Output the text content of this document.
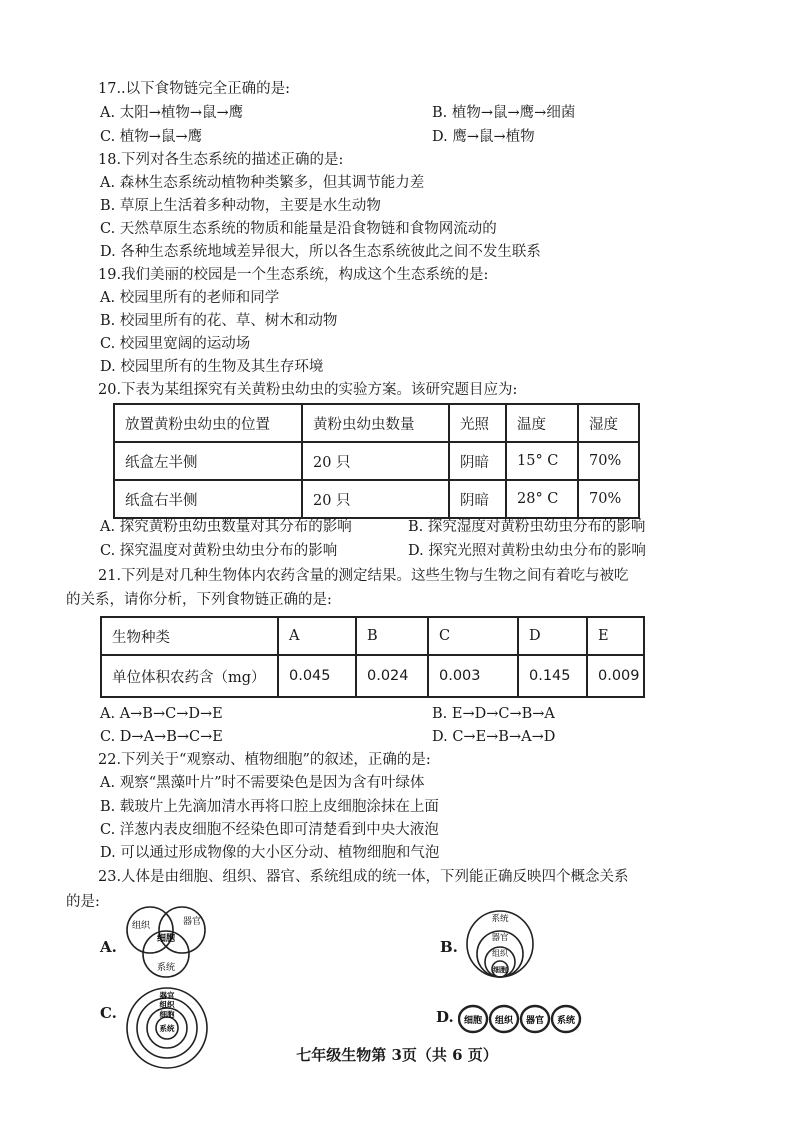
17..以下食物链完全正确的是:
A. 太阳→植物→鼠→鹰	B. 植物→鼠→鹰→细菌
C. 植物→鼠→鹰	D. 鹰→鼠→植物
18.下列对各生态系统的描述正确的是:
A. 森林生态系统动植物种类繁多，但其调节能力差
B. 草原上生活着多种动物，主要是水生动物
C. 天然草原生态系统的物质和能量是沿食物链和食物网流动的
D. 各种生态系统地域差异很大，所以各生态系统彼此之间不发生联系
19.我们美丽的校园是一个生态系统，构成这个生态系统的是:
A. 校园里所有的老师和同学
B. 校园里所有的花、草、树木和动物
C. 校园里宽阔的运动场
D. 校园里所有的生物及其生存环境
20.下表为某组探究有关黄粉虫幼虫的实验方案。该研究题目应为:
放置黄粉虫幼虫的位置	黄粉虫幼虫数量	光照	温度	湿度
纸盒左半侧	20 只	阴暗	15° C	70%
纸盒右半侧	20 只	阴暗	28° C	70%
A. 探究黄粉虫幼虫数量对其分布的影响	B. 探究湿度对黄粉虫幼虫分布的影响
C. 探究温度对黄粉虫幼虫分布的影响	D. 探究光照对黄粉虫幼虫分布的影响
21.下列是对几种生物体内农药含量的测定结果。这些生物与生物之间有着吃与被吃
的关系，请你分析，下列食物链正确的是:
生物种类	A	B	C	D	E
单位体积农药含（mg）	0.045	0.024	0.003	0.145	0.009
A. A→B→C→D→E	B. E→D→C→B→A
C. D→A→B→C→E	D. C→E→B→A→D
22.下列关于“观察动、植物细胞”的叙述，正确的是:
A. 观察“黑藻叶片”时不需要染色是因为含有叶绿体
B. 载玻片上先滴加清水再将口腔上皮细胞涂抹在上面
C. 洋葱内表皮细胞不经染色即可清楚看到中央大液泡
D. 可以通过形成物像的大小区分动、植物细胞和气泡
23.人体是由细胞、组织、器官、系统组成的统一体，下列能正确反映四个概念关系
的是:
A.	B.
C.	D.
组织	器官
细胞
系统
系统
器官
组织
细胞
器官
组织
细胞
系统
细胞 组织 器官 系统
七年级生物第 3页（共 6 页）
